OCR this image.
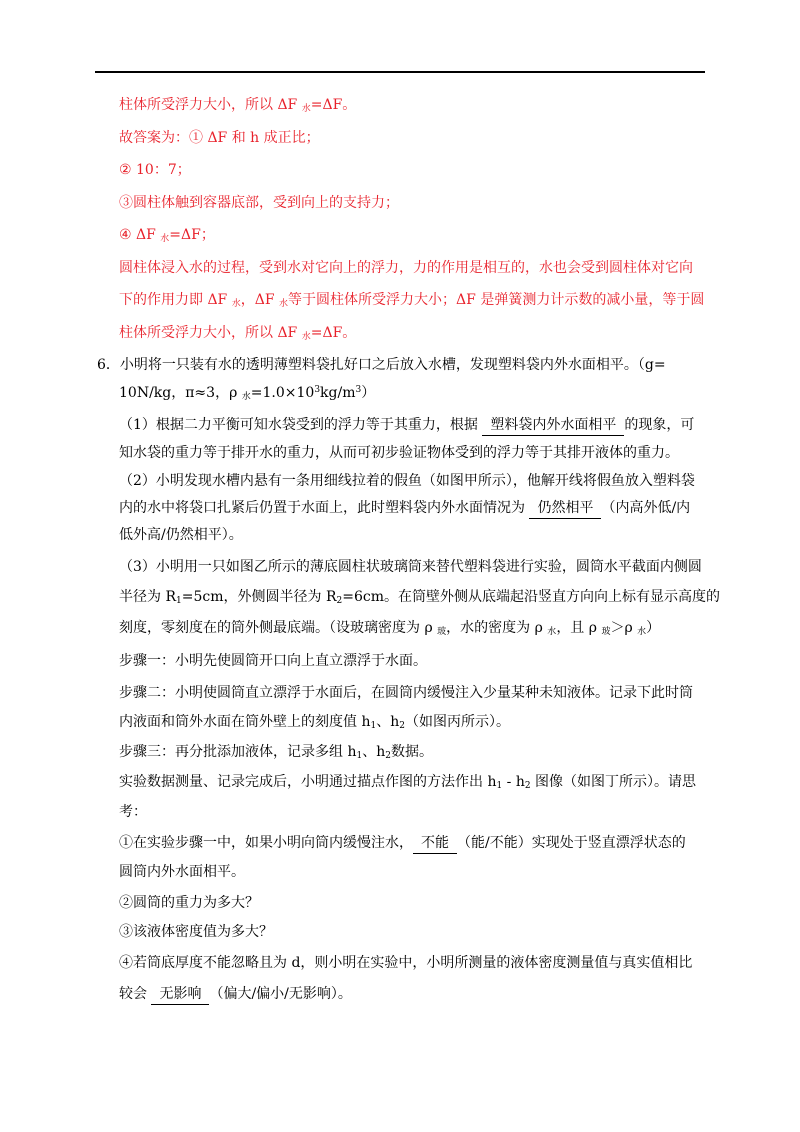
柱体所受浮力大小，所以 ΔF $_水$=ΔF。
故答案为：① ΔF 和 h 成正比；
② 10：7；
③圆柱体触到容器底部，受到向上的支持力；
④ ΔF $_水$=ΔF；
圆柱体浸入水的过程，受到水对它向上的浮力，力的作用是相互的，水也会受到圆柱体对它向
下的作用力即 ΔF $_水$，ΔF $_水$等于圆柱体所受浮力大小；ΔF 是弹簧测力计示数的减小量，等于圆
柱体所受浮力大小，所以 ΔF $_水$=ΔF。
6．小明将一只装有水的透明薄塑料袋扎好口之后放入水槽，发现塑料袋内外水面相平。（g=
10N/kg，π≈3，ρ $_水=1.0\times 10^3kg/m^3$）
（1）根据二力平衡可知水袋受到的浮力等于其重力，根据 塑料袋内外水面相平 的现象，可
知水袋的重力等于排开水的重力，从而可初步验证物体受到的浮力等于其排开液体的重力。
（2）小明发现水槽内悬有一条用细线拉着的假鱼（如图甲所示），他解开线将假鱼放入塑料袋
内的水中将袋口扎紧后仍置于水面上，此时塑料袋内外水面情况为 仍然相平 （内高外低/内
低外高/仍然相平）。
（3）小明用一只如图乙所示的薄底圆柱状玻璃筒来替代塑料袋进行实验，圆筒水平截面内侧圆
半径为 $R_1=5cm$，外侧圆半径为 $R_2=6cm$。在筒壁外侧从底端起沿竖直方向向上标有显示高度的
刻度，零刻度在的筒外侧最底端。（设玻璃密度为 ρ $_玻$，水的密度为 ρ $_水$，且 ρ $_玻$＞ρ $_水$）
步骤一：小明先使圆筒开口向上直立漂浮于水面。
步骤二：小明使圆筒直立漂浮于水面后，在圆筒内缓慢注入少量某种未知液体。记录下此时筒
内液面和筒外水面在筒外壁上的刻度值 $h_1$、$h_2$（如图丙所示）。
步骤三：再分批添加液体，记录多组 $h_1$、$h_2$数据。
实验数据测量、记录完成后，小明通过描点作图的方法作出 $h_1 - h_2$ 图像（如图丁所示）。请思
考：
①在实验步骤一中，如果小明向筒内缓慢注水， 不能 （能/不能）实现处于竖直漂浮状态的
圆筒内外水面相平。
②圆筒的重力为多大？
③该液体密度值为多大？
④若筒底厚度不能忽略且为 d，则小明在实验中，小明所测量的液体密度测量值与真实值相比
较会 无影响 （偏大/偏小/无影响）。
